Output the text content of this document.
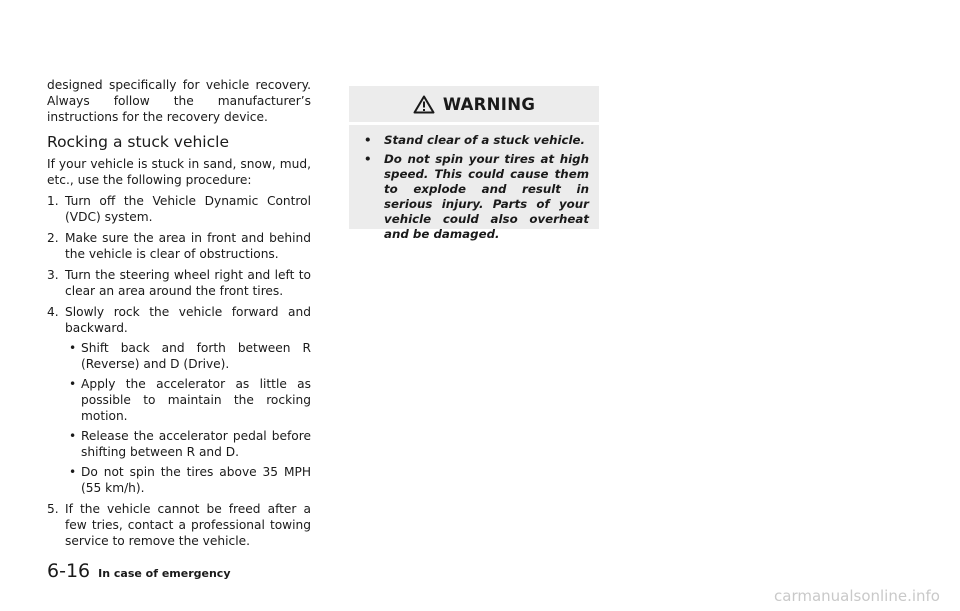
designed specifically for vehicle recovery. Always follow the manufacturer’s instructions for the recovery device.

Rocking a stuck vehicle

If your vehicle is stuck in sand, snow, mud, etc., use the following procedure:

1. Turn off the Vehicle Dynamic Control (VDC) system.
2. Make sure the area in front and behind the vehicle is clear of obstructions.
3. Turn the steering wheel right and left to clear an area around the front tires.
4. Slowly rock the vehicle forward and backward.
• Shift back and forth between R (Reverse) and D (Drive).
• Apply the accelerator as little as possible to maintain the rocking motion.
• Release the accelerator pedal before shifting between R and D.
• Do not spin the tires above 35 MPH (55 km/h).
5. If the vehicle cannot be freed after a few tries, contact a professional towing service to remove the vehicle.
WARNING
•	Stand clear of a stuck vehicle.
•	Do not spin your tires at high speed. This could cause them to explode and result in serious injury. Parts of your vehicle could also overheat and be damaged.
6-16 In case of emergency
carmanualsonline.info
